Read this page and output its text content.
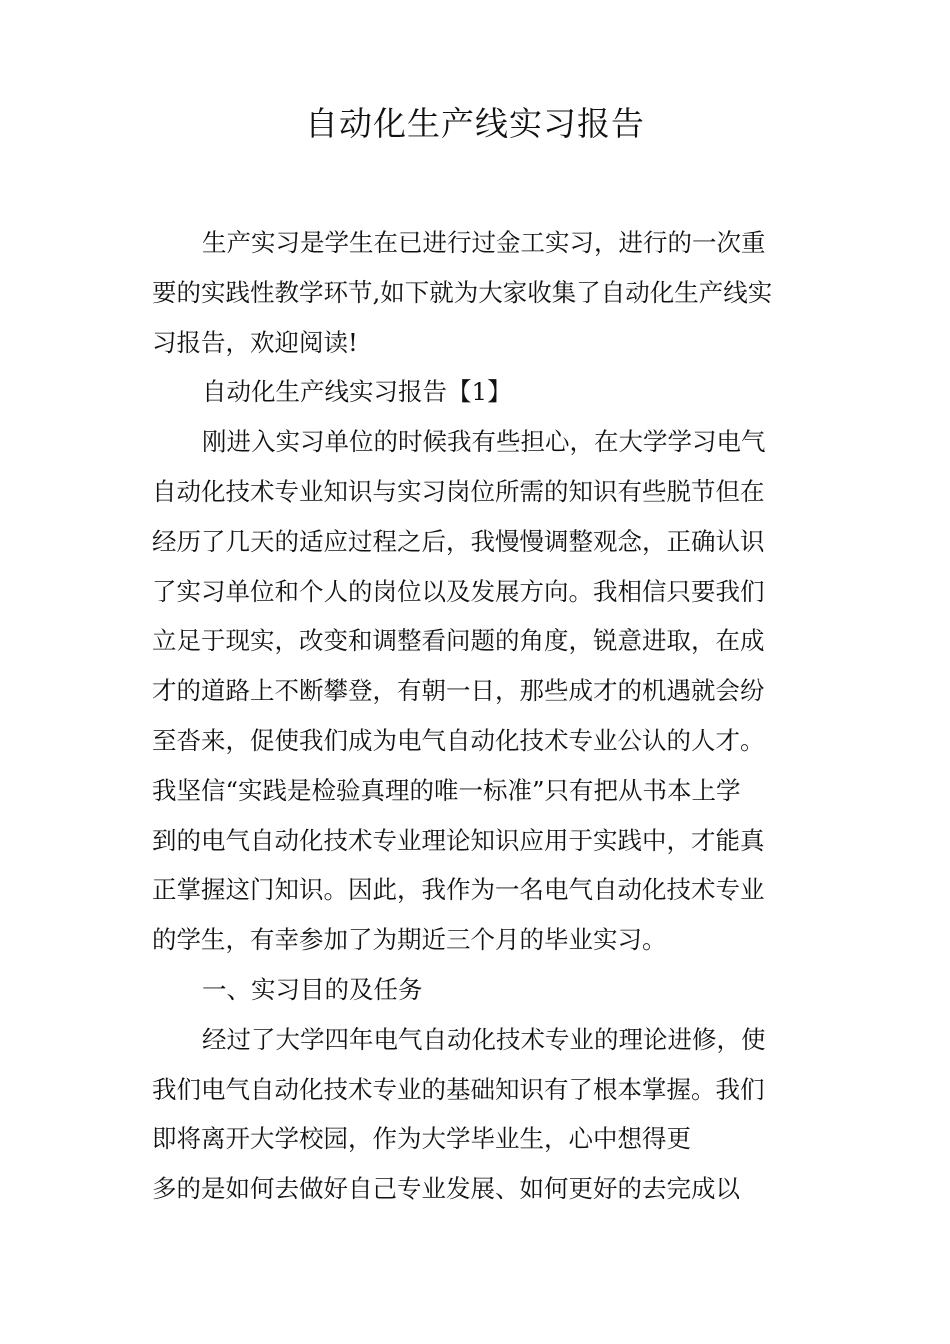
自动化生产线实习报告
生产实习是学生在已进行过金工实习，进行的一次重
要的实践性教学环节,如下就为大家收集了自动化生产线实
习报告，欢迎阅读!
自动化生产线实习报告【1】
刚进入实习单位的时候我有些担心，在大学学习电气
自动化技术专业知识与实习岗位所需的知识有些脱节但在
经历了几天的适应过程之后，我慢慢调整观念，正确认识
了实习单位和个人的岗位以及发展方向。我相信只要我们
立足于现实，改变和调整看问题的角度，锐意进取，在成
才的道路上不断攀登，有朝一日，那些成才的机遇就会纷
至沓来，促使我们成为电气自动化技术专业公认的人才。
我坚信“实践是检验真理的唯一标准”只有把从书本上学
到的电气自动化技术专业理论知识应用于实践中，才能真
正掌握这门知识。因此，我作为一名电气自动化技术专业
的学生，有幸参加了为期近三个月的毕业实习。
一、实习目的及任务
经过了大学四年电气自动化技术专业的理论进修，使
我们电气自动化技术专业的基础知识有了根本掌握。我们
即将离开大学校园，作为大学毕业生，心中想得更
多的是如何去做好自己专业发展、如何更好的去完成以
